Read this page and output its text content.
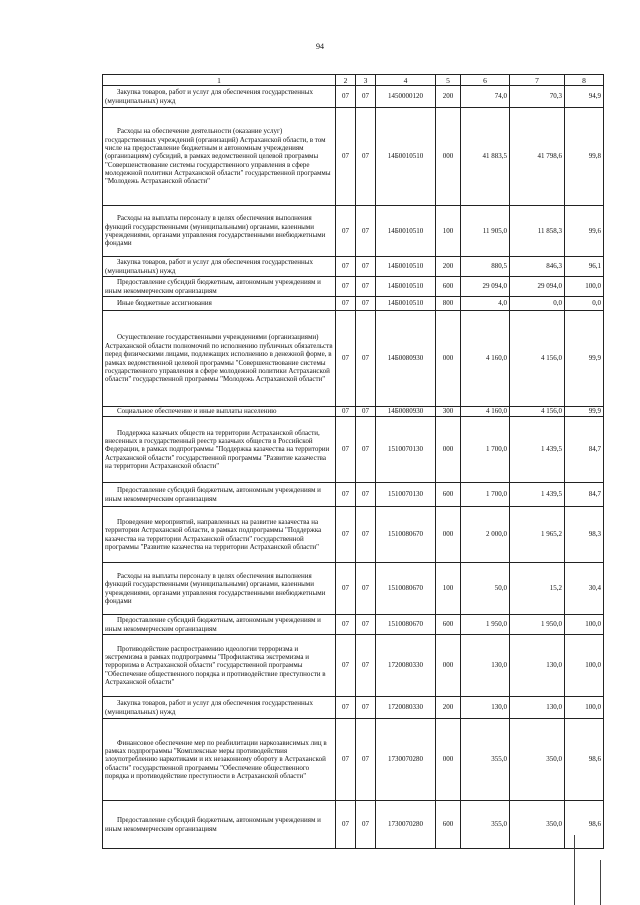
94
1	2	3	4	5	6	7	8

Закупка товаров, работ и услуг для обеспечения государственных (муниципальных) нужд	07	07	1450000120	200	74,0	70,3	94,9

Расходы на обеспечение деятельности (оказание услуг) государственных учреждений (организаций) Астраханской области, в том числе на предоставление бюджетным и автономным учреждениям (организациям) субсидий, в рамках ведомственной целевой программы "Совершенствование системы государственного управления в сфере молодежной политики Астраханской области" государственной программы "Молодежь Астраханской области"	07	07	14Б0010510	000	41 883,5	41 798,6	99,8

Расходы на выплаты персоналу в целях обеспечения выполнения функций государственными (муниципальными) органами, казенными учреждениями, органами управления государственными внебюджетными фондами	07	07	14Б0010510	100	11 905,0	11 858,3	99,6

Закупка товаров, работ и услуг для обеспечения государственных (муниципальных) нужд	07	07	14Б0010510	200	880,5	846,3	96,1

Предоставление субсидий бюджетным, автономным учреждениям и иным некоммерческим организациям	07	07	14Б0010510	600	29 094,0	29 094,0	100,0

Иные бюджетные ассигнования	07	07	14Б0010510	800	4,0	0,0	0,0

Осуществление государственными учреждениями (организациями) Астраханской области полномочий по исполнению публичных обязательств перед физическими лицами, подлежащих исполнению в денежной форме, в рамках ведомственной целевой программы "Совершенствование системы государственного управления в сфере молодежной политики Астраханской области" государственной программы "Молодежь Астраханской области"	07	07	14Б0080930	000	4 160,0	4 156,0	99,9

Социальное обеспечение и иные выплаты населению	07	07	14Б0080930	300	4 160,0	4 156,0	99,9

Поддержка казачьих обществ на территории Астраханской области, внесенных в государственный реестр казачьих обществ в Российской Федерации, в рамках подпрограммы "Поддержка казачества на территории Астраханской области" государственной программы "Развитие казачества на территории Астраханской области"	07	07	1510070130	000	1 700,0	1 439,5	84,7

Предоставление субсидий бюджетным, автономным учреждениям и иным некоммерческим организациям	07	07	1510070130	600	1 700,0	1 439,5	84,7

Проведение мероприятий, направленных на развитие казачества на территории Астраханской области, в рамках подпрограммы "Поддержка казачества на территории Астраханской области" государственной программы "Развитие казачества на территории Астраханской области"	07	07	1510080670	000	2 000,0	1 965,2	98,3

Расходы на выплаты персоналу в целях обеспечения выполнения функций государственными (муниципальными) органами, казенными учреждениями, органами управления государственными внебюджетными фондами	07	07	1510080670	100	50,0	15,2	30,4

Предоставление субсидий бюджетным, автономным учреждениям и иным некоммерческим организациям	07	07	1510080670	600	1 950,0	1 950,0	100,0

Противодействие распространению идеологии терроризма и экстремизма в рамках подпрограммы "Профилактика экстремизма и терроризма в Астраханской области" государственной программы "Обеспечение общественного порядка и противодействие преступности в Астраханской области"	07	07	1720080330	000	130,0	130,0	100,0

Закупка товаров, работ и услуг для обеспечения государственных (муниципальных) нужд	07	07	1720080330	200	130,0	130,0	100,0

Финансовое обеспечение мер по реабилитации наркозависимых лиц в рамках подпрограммы "Комплексные меры противодействия злоупотреблению наркотиками и их незаконному обороту в Астраханской области" государственной программы "Обеспечение общественного порядка и противодействие преступности в Астраханской области"	07	07	1730070280	000	355,0	350,0	98,6

Предоставление субсидий бюджетным, автономным учреждениям и иным некоммерческим организациям	07	07	1730070280	600	355,0	350,0	98,6
